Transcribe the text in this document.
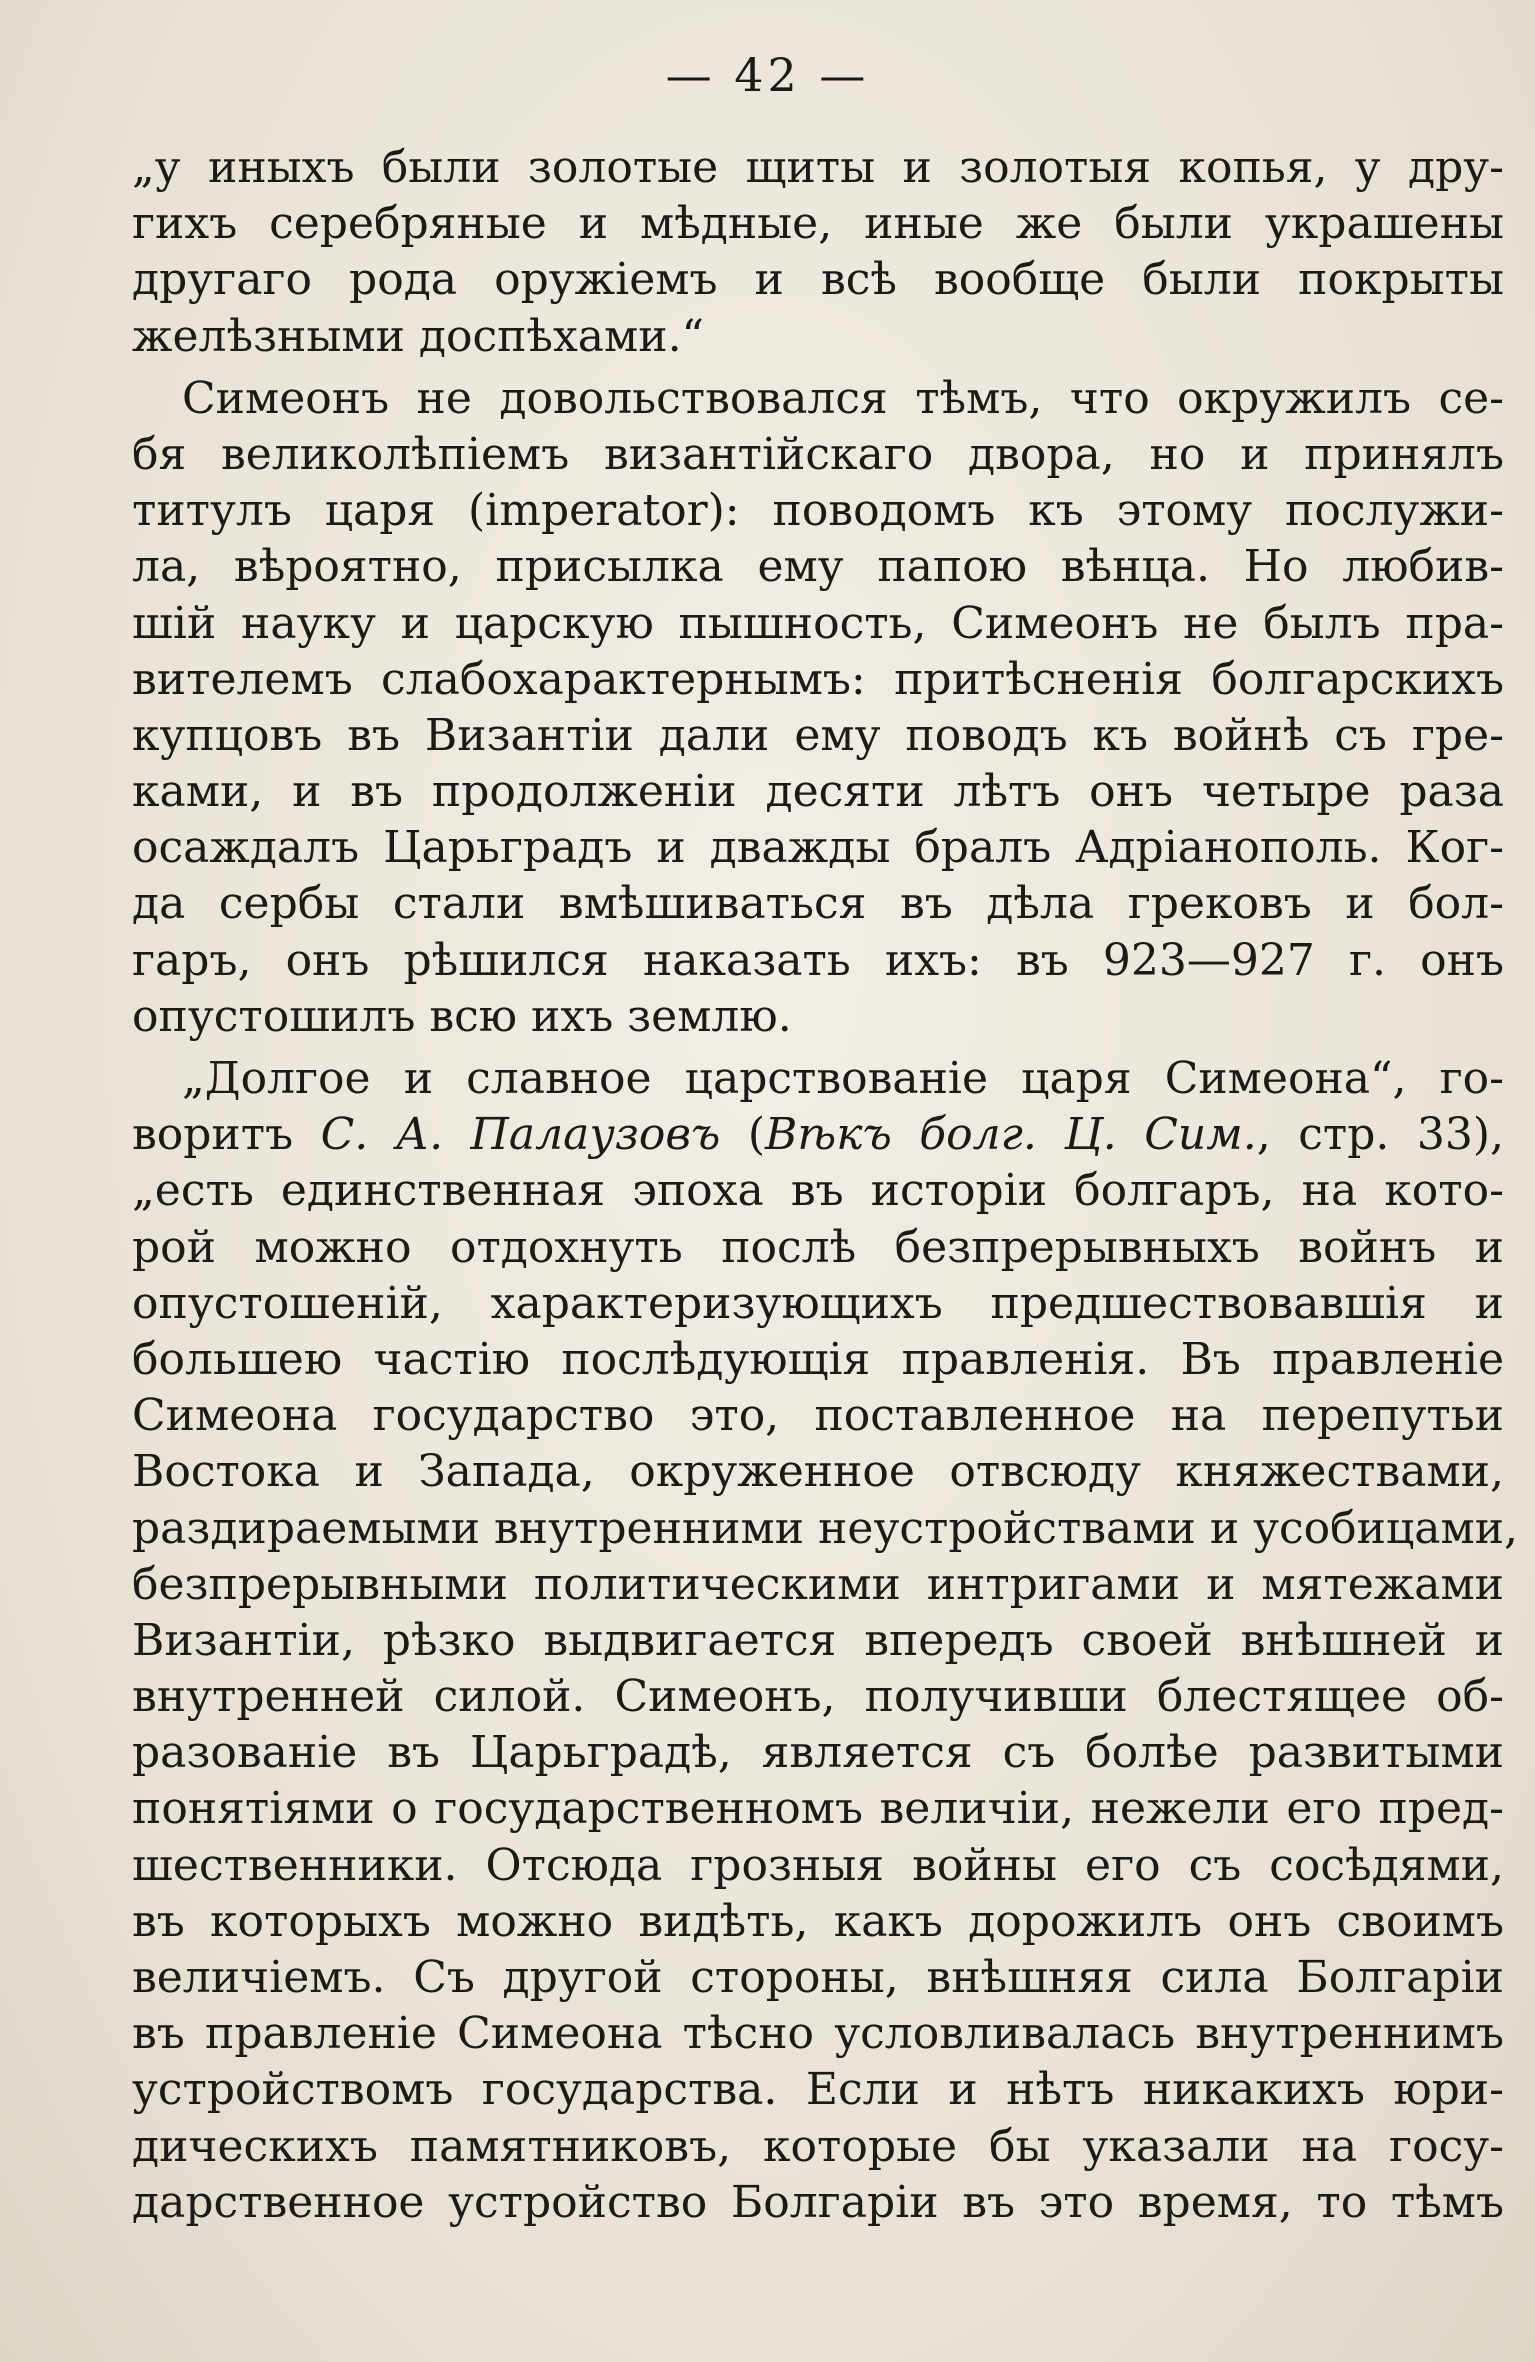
— 42 —
„у иныхъ были золотые щиты и золотыя копья, у дру-
гихъ серебряные и мѣдные, иные же были украшены
другаго рода оружіемъ и всѣ вообще были покрыты
желѣзными доспѣхами.“
Симеонъ не довольствовался тѣмъ, что окружилъ се-
бя великолѣпіемъ византійскаго двора, но и принялъ
титулъ царя (imperator): поводомъ къ этому послужи-
ла, вѣроятно, присылка ему папою вѣнца. Но любив-
шій науку и царскую пышность, Симеонъ не былъ пра-
вителемъ слабохарактернымъ: притѣсненія болгарскихъ
купцовъ въ Византіи дали ему поводъ къ войнѣ съ гре-
ками, и въ продолженіи десяти лѣтъ онъ четыре раза
осаждалъ Царьградъ и дважды бралъ Адріанополь. Ког-
да сербы стали вмѣшиваться въ дѣла грековъ и бол-
гаръ, онъ рѣшился наказать ихъ: въ 923—927 г. онъ
опустошилъ всю ихъ землю.
„Долгое и славное царствованіе царя Симеона“, го-
воритъ С. А. Палаузовъ (Вѣкъ болг. Ц. Сим., стр. 33),
„есть единственная эпоха въ исторіи болгаръ, на кото-
рой можно отдохнуть послѣ безпрерывныхъ войнъ и
опустошеній, характеризующихъ предшествовавшія и
большею частію послѣдующія правленія. Въ правленіе
Симеона государство это, поставленное на перепутьи
Востока и Запада, окруженное отвсюду княжествами,
раздираемыми внутренними неустройствами и усобицами,
безпрерывными политическими интригами и мятежами
Византіи, рѣзко выдвигается впередъ своей внѣшней и
внутренней силой. Симеонъ, получивши блестящее об-
разованіе въ Царьградѣ, является съ болѣе развитыми
понятіями о государственномъ величіи, нежели его пред-
шественники. Отсюда грозныя войны его съ сосѣдями,
въ которыхъ можно видѣть, какъ дорожилъ онъ своимъ
величіемъ. Съ другой стороны, внѣшняя сила Болгаріи
въ правленіе Симеона тѣсно условливалась внутреннимъ
устройствомъ государства. Если и нѣтъ никакихъ юри-
дическихъ памятниковъ, которые бы указали на госу-
дарственное устройство Болгаріи въ это время, то тѣмъ
